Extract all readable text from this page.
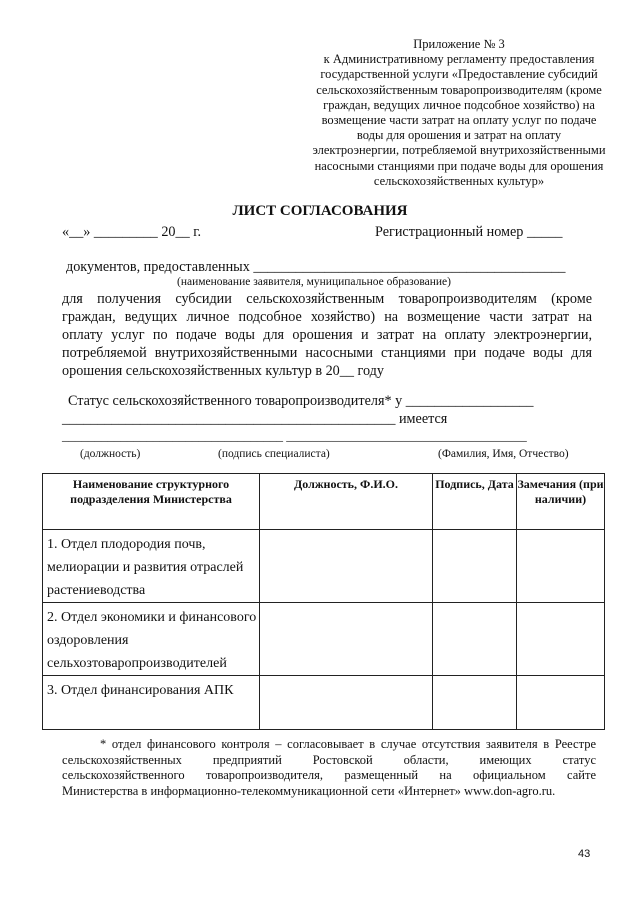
Приложение № 3
к Административному регламенту предоставления
государственной услуги «Предоставление субсидий
сельскохозяйственным товаропроизводителям (кроме
граждан, ведущих личное подсобное хозяйство) на
возмещение части затрат на оплату услуг по подаче
воды для орошения и затрат на оплату
электроэнергии, потребляемой внутрихозяйственными
насосными станциями при подаче воды для орошения
сельскохозяйственных культур»
ЛИСТ СОГЛАСОВАНИЯ
«__» _________ 20__ г.	Регистрационный номер _____
документов, предоставленных ____________________________________________
(наименование заявителя, муниципальное образование)
для получения субсидии сельскохозяйственным товаропроизводителям (кроме
граждан, ведущих личное подсобное хозяйство) на возмещение части затрат на
оплату услуг по подаче воды для орошения и затрат на оплату электроэнергии,
потребляемой внутрихозяйственными насосными станциями при подаче воды для
орошения сельскохозяйственных культур в 20__ году
Статус сельскохозяйственного товаропроизводителя* у __________________
_______________________________________________ имеется
__________________________________ _____________________________________
(должность)	(подпись специалиста)	(Фамилия, Имя, Отчество)
Наименование структурного подразделения Министерства	Должность, Ф.И.О.	Подпись, Дата	Замечания (при наличии)
1. Отдел плодородия почв, мелиорации и развития отраслей растениеводства			
2. Отдел экономики и финансового оздоровления сельхозтоваропроизводителей			
3. Отдел финансирования АПК			
* отдел финансового контроля – согласовывает в случае отсутствия заявителя в Реестре
сельскохозяйственных предприятий Ростовской области, имеющих статус
сельскохозяйственного товаропроизводителя, размещенный на официальном сайте
Министерства в информационно-телекоммуникационной сети «Интернет» www.don-agro.ru.
43
